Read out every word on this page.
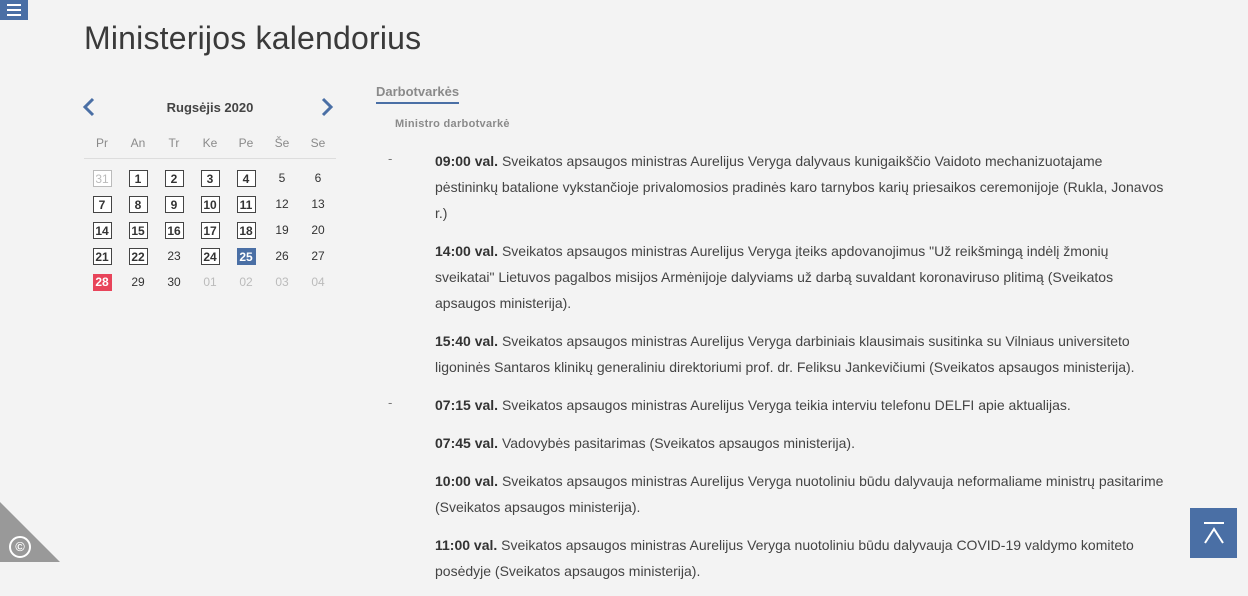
Ministerijos kalendorius
Rugsėjis 2020
Pr	An	Tr	Ke	Pe	Še	Se
31	1	2	3	4	5	6
7	8	9	10 11 12 13
14 15 16 17 18 19 20
21 22 23 24 25 26 27
28 29 30 01 02 03 04
Darbotvarkės
Ministro darbotvarkė
-	09:00 val. Sveikatos apsaugos ministras Aurelijus Veryga dalyvaus kunigaikščio Vaidoto mechanizuotajame pėstininkų batalione vykstančioje privalomosios pradinės karo tarnybos karių priesaikos ceremonijoje (Rukla, Jonavos r.)

14:00 val. Sveikatos apsaugos ministras Aurelijus Veryga įteiks apdovanojimus "Už reikšmingą indėlį žmonių sveikatai" Lietuvos pagalbos misijos Armėnijoje dalyviams už darbą suvaldant koronaviruso plitimą (Sveikatos apsaugos ministerija).

15:40 val. Sveikatos apsaugos ministras Aurelijus Veryga darbiniais klausimais susitinka su Vilniaus universiteto ligoninės Santaros klinikų generaliniu direktoriumi prof. dr. Feliksu Jankevičiumi (Sveikatos apsaugos ministerija).

-	07:15 val. Sveikatos apsaugos ministras Aurelijus Veryga teikia interviu telefonu DELFI apie aktualijas.

07:45 val. Vadovybės pasitarimas (Sveikatos apsaugos ministerija).

10:00 val. Sveikatos apsaugos ministras Aurelijus Veryga nuotoliniu būdu dalyvauja neformaliame ministrų pasitarime (Sveikatos apsaugos ministerija).

11:00 val. Sveikatos apsaugos ministras Aurelijus Veryga nuotoliniu būdu dalyvauja COVID-19 valdymo komiteto posėdyje (Sveikatos apsaugos ministerija).

©
